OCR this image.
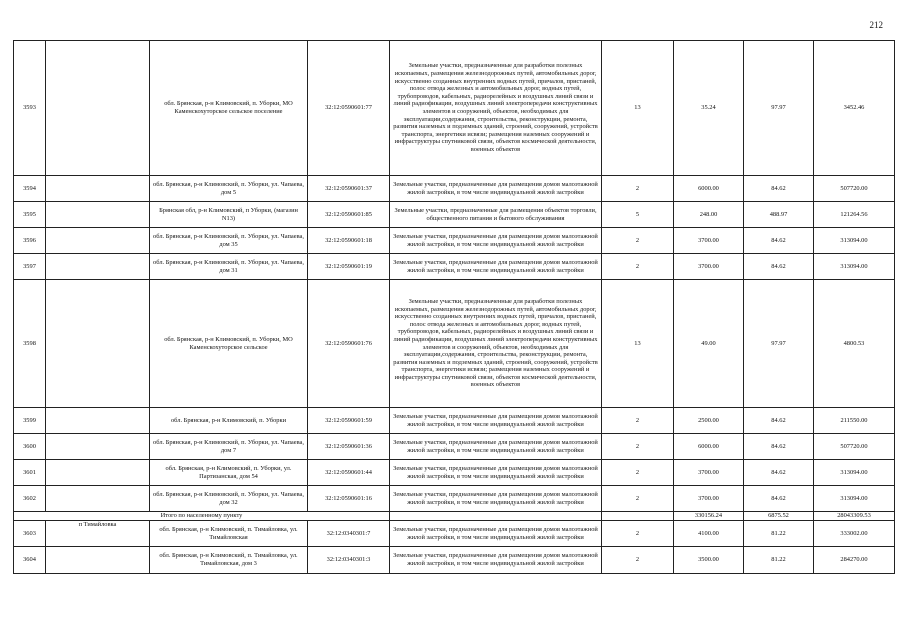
212
3593		обл. Брянская, р-н Климовский, п. Уборки, МО Каменскохуторское сельское поселение	32:12:0590601:77	Земельные участки, предназначенные для разработки полезных ископаемых, размещения железнодорожных путей, автомобильных дорог, искусственно созданных внутренних водных путей, причалов, пристаней, полос отвода железных и автомобильных дорог, водных путей, трубопроводов, кабельных, радиорелейных и воздушных линий связи и линий радиофикации, воздушных линий электропередачи конструктивных элементов и сооружений, объектов, необходимых для эксплуатации,содержания, строительства, реконструкции, ремонта, развития наземных и подземных зданий, строений, сооружений, устройств транспорта, энергетики исвязи; размещения наземных сооружений и инфраструктуры спутниковой связи, объектов космической деятельности, военных объектов	13	35.24	97.97	3452.46
3594		обл. Брянская, р-н Климовский, п. Уборки, ул. Чапаева, дом 5	32:12:0590601:37	Земельные участки, предназначенные для размещения домов малоэтажной жилой застройки, в том числе индивидуальной жилой застройки	2	6000.00	84.62	507720.00
3595		Брянская обл, р-н Климовский, п Уборки, (магазин N13)	32:12:0590601:85	Земельные участки, предназначенные для размещения объектов торговли, общественного питания и бытового обслуживания	5	248.00	488.97	121264.56
3596		обл. Брянская, р-н Климовский, п. Уборки, ул. Чапаева, дом 35	32:12:0590601:18	Земельные участки, предназначенные для размещения домов малоэтажной жилой застройки, в том числе индивидуальной жилой застройки	2	3700.00	84.62	313094.00
3597		обл. Брянская, р-н Климовский, п. Уборки, ул. Чапаева, дом 31	32:12:0590601:19	Земельные участки, предназначенные для размещения домов малоэтажной жилой застройки, в том числе индивидуальной жилой застройки	2	3700.00	84.62	313094.00
3598		обл. Брянская, р-н Климовский, п. Уборки, МО Каменскохуторское сельское	32:12:0590601:76	Земельные участки, предназначенные для разработки полезных ископаемых, размещения железнодорожных путей, автомобильных дорог, искусственно созданных внутренних водных путей, причалов, пристаней, полос отвода железных и автомобильных дорог, водных путей, трубопроводов, кабельных, радиорелейных и воздушных линий связи и линий радиофикации, воздушных линий электропередачи конструктивных элементов и сооружений, объектов, необходимых для эксплуатации,содержания, строительства, реконструкции, ремонта, развития наземных и подземных зданий, строений, сооружений, устройств транспорта, энергетики исвязи; размещения наземных сооружений и инфраструктуры спутниковой связи, объектов космической деятельности, военных объектов	13	49.00	97.97	4800.53
3599		обл. Брянская, р-н Климовский, п. Уборки	32:12:0590601:59	Земельные участки, предназначенные для размещения домов малоэтажной жилой застройки, в том числе индивидуальной жилой застройки	2	2500.00	84.62	211550.00
3600		обл. Брянская, р-н Климовский, п. Уборки, ул. Чапаева, дом 7	32:12:0590601:36	Земельные участки, предназначенные для размещения домов малоэтажной жилой застройки, в том числе индивидуальной жилой застройки	2	6000.00	84.62	507720.00
3601		обл. Брянская, р-н Климовский, п. Уборки, ул. Партизанская, дом 54	32:12:0590601:44	Земельные участки, предназначенные для размещения домов малоэтажной жилой застройки, в том числе индивидуальной жилой застройки	2	3700.00	84.62	313094.00
3602		обл. Брянская, р-н Климовский, п. Уборки, ул. Чапаева, дом 32	32:12:0590601:16	Земельные участки, предназначенные для размещения домов малоэтажной жилой застройки, в том числе индивидуальной жилой застройки	2	3700.00	84.62	313094.00
Итого по населенному пункту						330156.24	6875.52	28043309.53
3603	п Тимайловка	обл. Брянская, р-н Климовский, п. Тимайловка, ул. Тимайловская	32:12:0340301:7	Земельные участки, предназначенные для размещения домов малоэтажной жилой застройки, в том числе индивидуальной жилой застройки	2	4100.00	81.22	333002.00
3604		обл. Брянская, р-н Климовский, п. Тимайловка, ул. Тимайловская, дом 3	32:12:0340301:3	Земельные участки, предназначенные для размещения домов малоэтажной жилой застройки, в том числе индивидуальной жилой застройки	2	3500.00	81.22	284270.00
